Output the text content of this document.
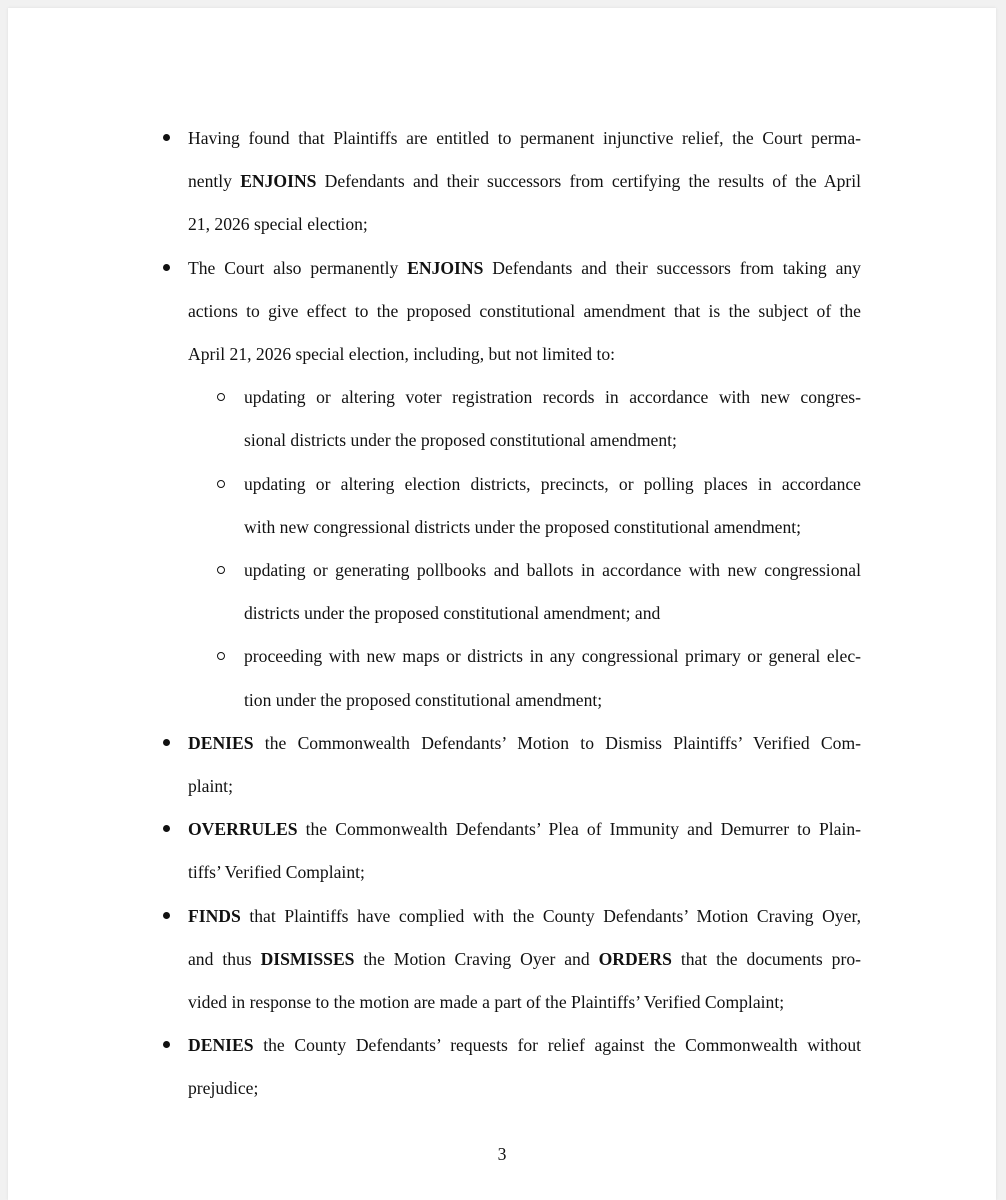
Having found that Plaintiffs are entitled to permanent injunctive relief, the Court perma-
nently ENJOINS Defendants and their successors from certifying the results of the April
21, 2026 special election;
The Court also permanently ENJOINS Defendants and their successors from taking any
actions to give effect to the proposed constitutional amendment that is the subject of the
April 21, 2026 special election, including, but not limited to:
updating or altering voter registration records in accordance with new congres-
sional districts under the proposed constitutional amendment;
updating or altering election districts, precincts, or polling places in accordance
with new congressional districts under the proposed constitutional amendment;
updating or generating pollbooks and ballots in accordance with new congressional
districts under the proposed constitutional amendment; and
proceeding with new maps or districts in any congressional primary or general elec-
tion under the proposed constitutional amendment;
DENIES the Commonwealth Defendants’ Motion to Dismiss Plaintiffs’ Verified Com-
plaint;
OVERRULES the Commonwealth Defendants’ Plea of Immunity and Demurrer to Plain-
tiffs’ Verified Complaint;
FINDS that Plaintiffs have complied with the County Defendants’ Motion Craving Oyer,
and thus DISMISSES the Motion Craving Oyer and ORDERS that the documents pro-
vided in response to the motion are made a part of the Plaintiffs’ Verified Complaint;
DENIES the County Defendants’ requests for relief against the Commonwealth without
prejudice;
3
